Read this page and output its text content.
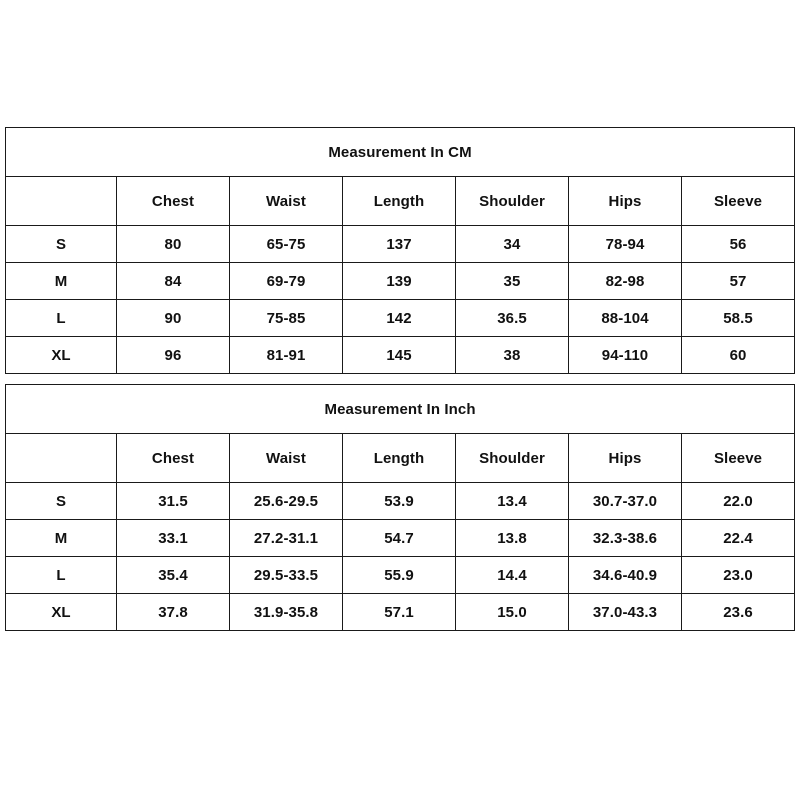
Measurement In CM						
	Chest	Waist	Length	Shoulder	Hips	Sleeve
S	80	65-75	137	34	78-94	56
M	84	69-79	139	35	82-98	57
L	90	75-85	142	36.5	88-104	58.5
XL	96	81-91	145	38	94-110	60
Measurement In Inch						
	Chest	Waist	Length	Shoulder	Hips	Sleeve
S	31.5	25.6-29.5	53.9	13.4	30.7-37.0	22.0
M	33.1	27.2-31.1	54.7	13.8	32.3-38.6	22.4
L	35.4	29.5-33.5	55.9	14.4	34.6-40.9	23.0
XL	37.8	31.9-35.8	57.1	15.0	37.0-43.3	23.6
